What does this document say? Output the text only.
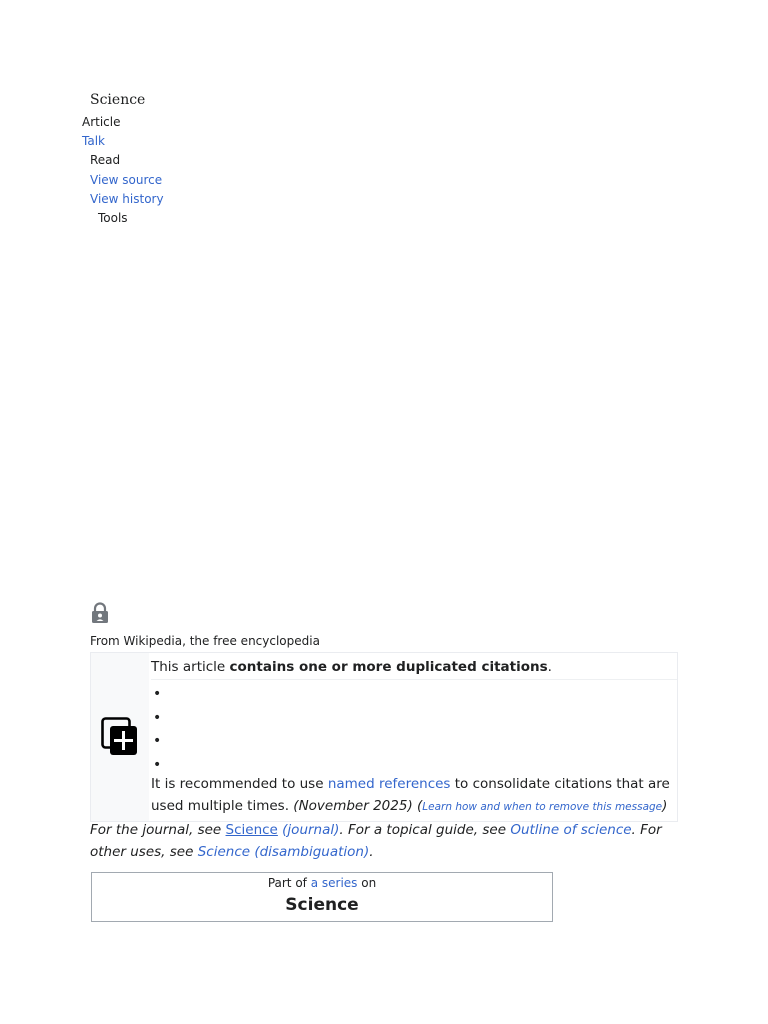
Science
Article
Talk
Read
View source
View history
Tools
From Wikipedia, the free encyclopedia
This article contains one or more duplicated citations.
•
•
•
•
It is recommended to use named references to consolidate citations that are used multiple times. (November 2025) (Learn how and when to remove this message)
For the journal, see Science (journal). For a topical guide, see Outline of science. For other uses, see Science (disambiguation).
Part of a series on
Science
